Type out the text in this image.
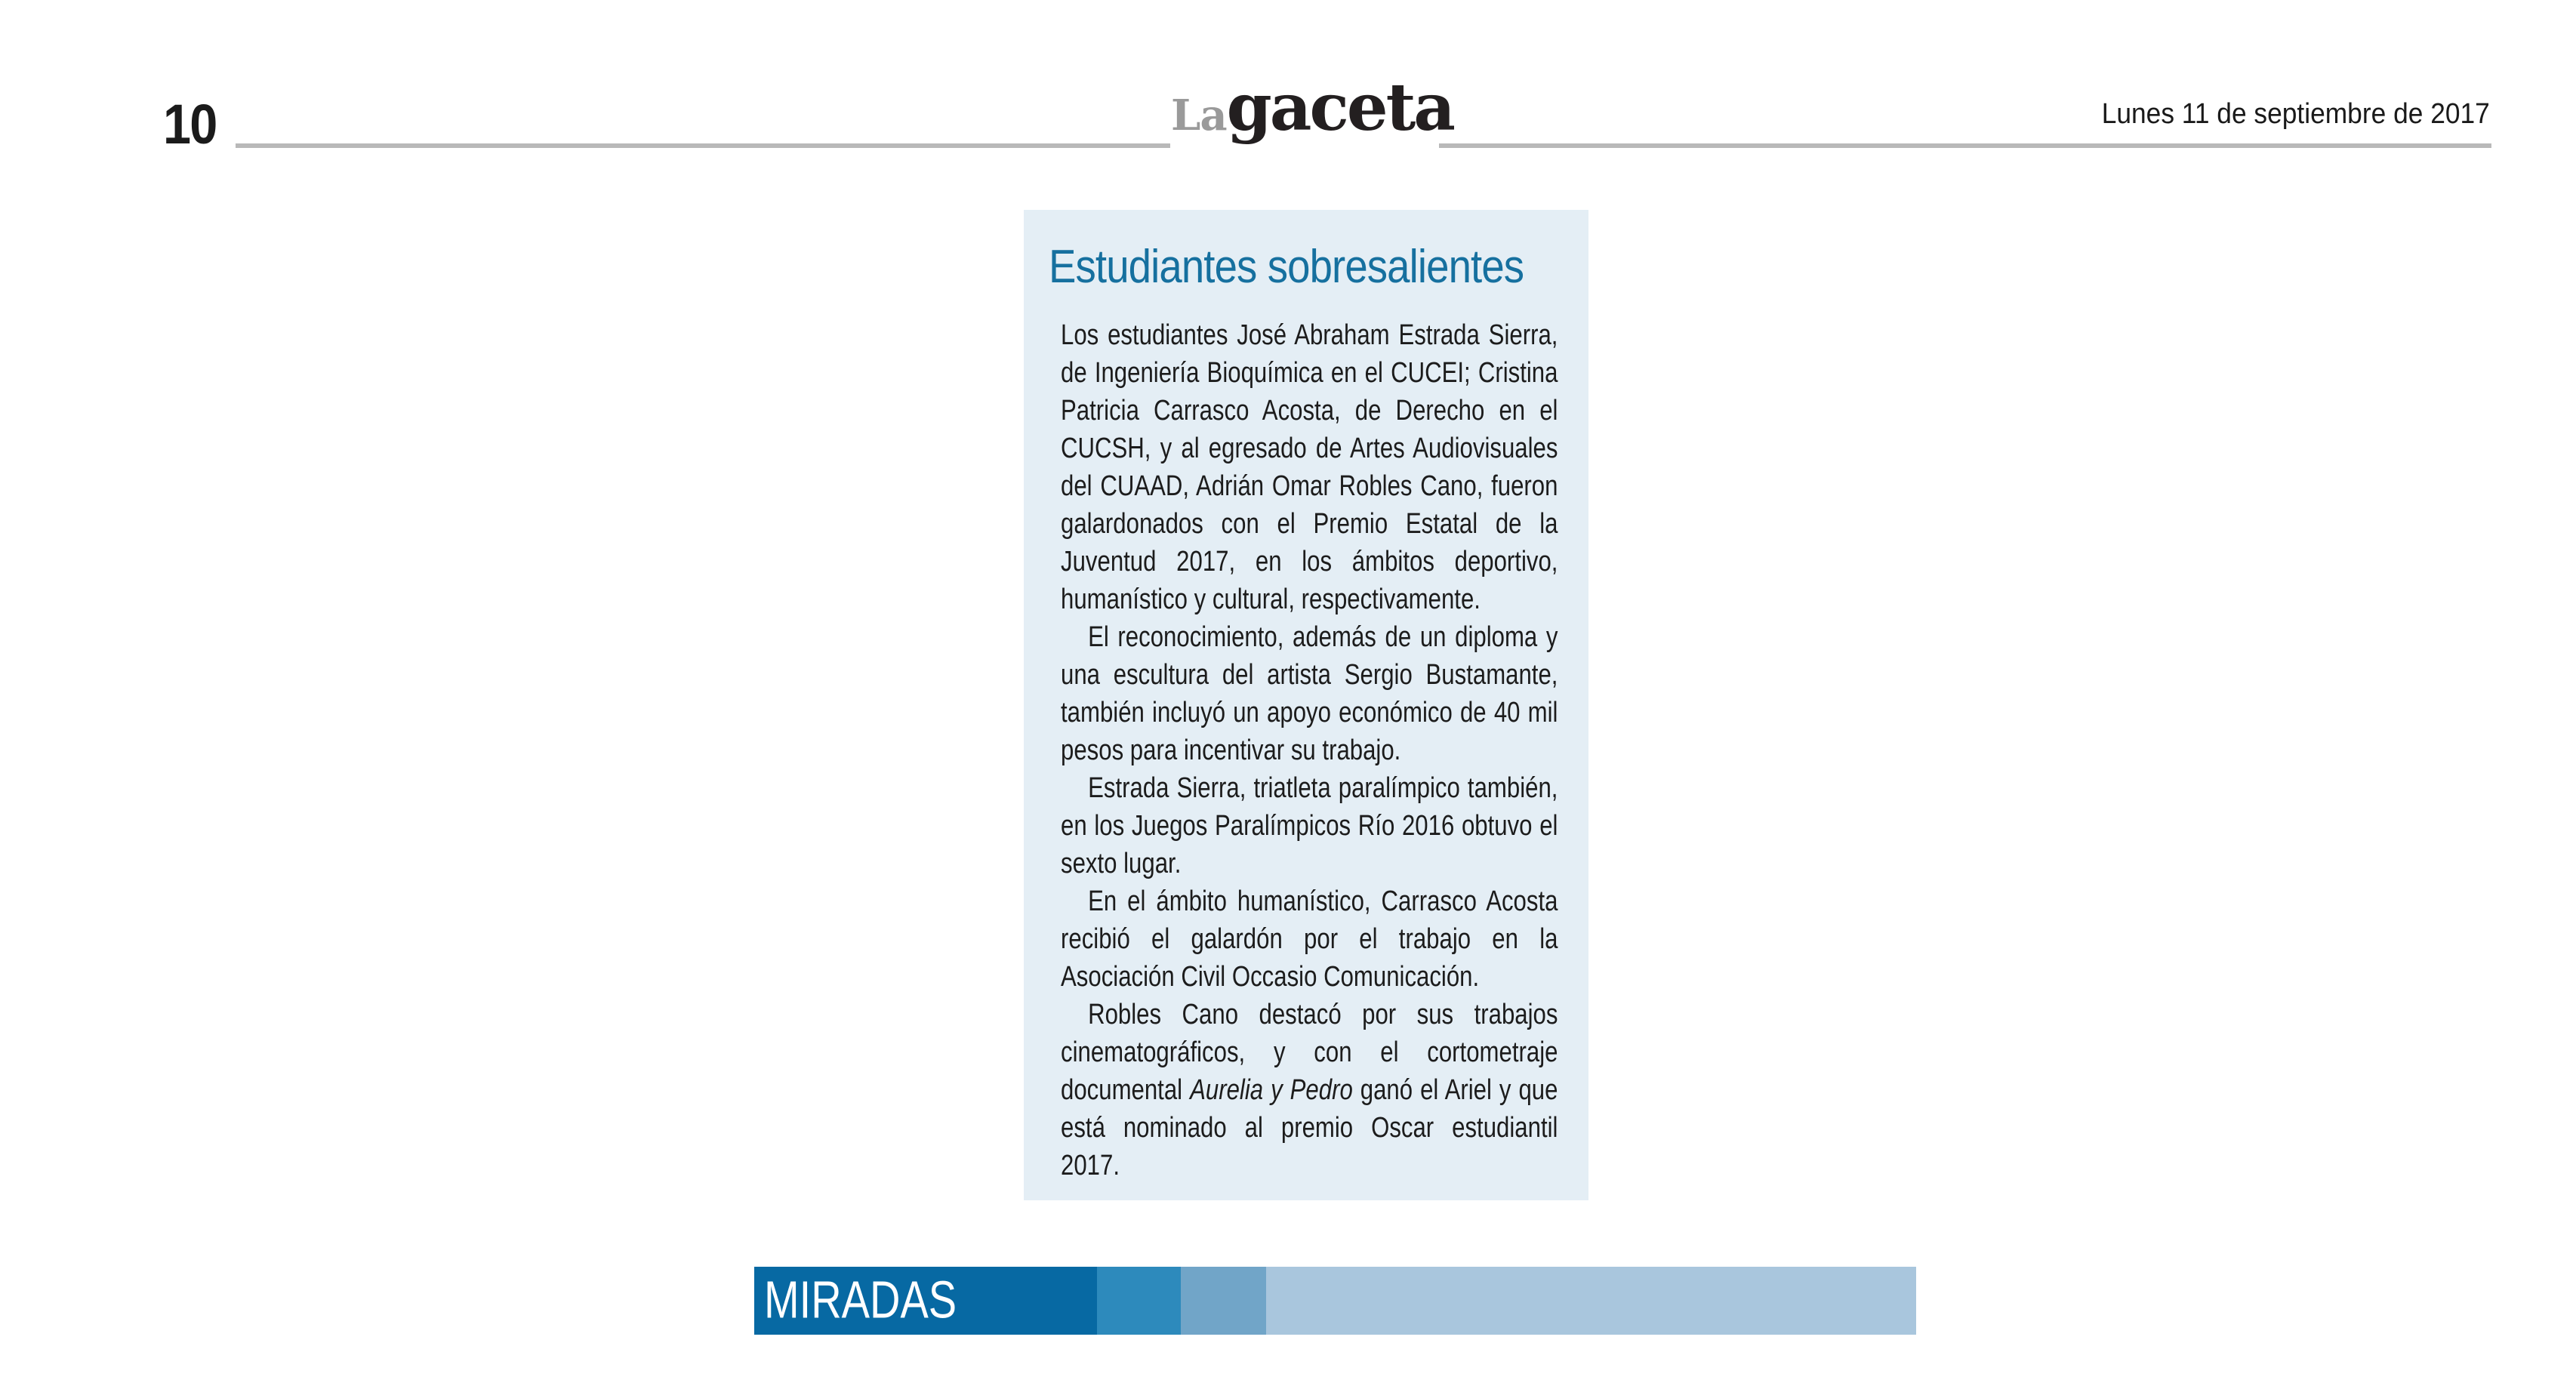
10	Lagaceta	Lunes 11 de septiembre de 2017
Estudiantes sobresalientes

Los estudiantes José Abraham Estrada Sierra, de Ingeniería Bioquímica en el CUCEI; Cristina Patricia Carrasco Acosta, de Derecho en el CUCSH, y al egresado de Artes Audiovisuales del CUAAD, Adrián Omar Robles Cano, fueron galardonados con el Premio Estatal de la Juventud 2017, en los ámbitos deportivo, humanístico y cultural, respectivamente.

El reconocimiento, además de un diploma y una escultura del artista Sergio Bustamante, también incluyó un apoyo económico de 40 mil pesos para incentivar su trabajo.

Estrada Sierra, triatleta paralímpico también, en los Juegos Paralímpicos Río 2016 obtuvo el sexto lugar.

En el ámbito humanístico, Carrasco Acosta recibió el galardón por el trabajo en la Asociación Civil Occasio Comunicación.

Robles Cano destacó por sus trabajos cinematográficos, y con el cortometraje documental Aurelia y Pedro ganó el Ariel y que está nominado al premio Oscar estudiantil 2017.

MIRADAS
